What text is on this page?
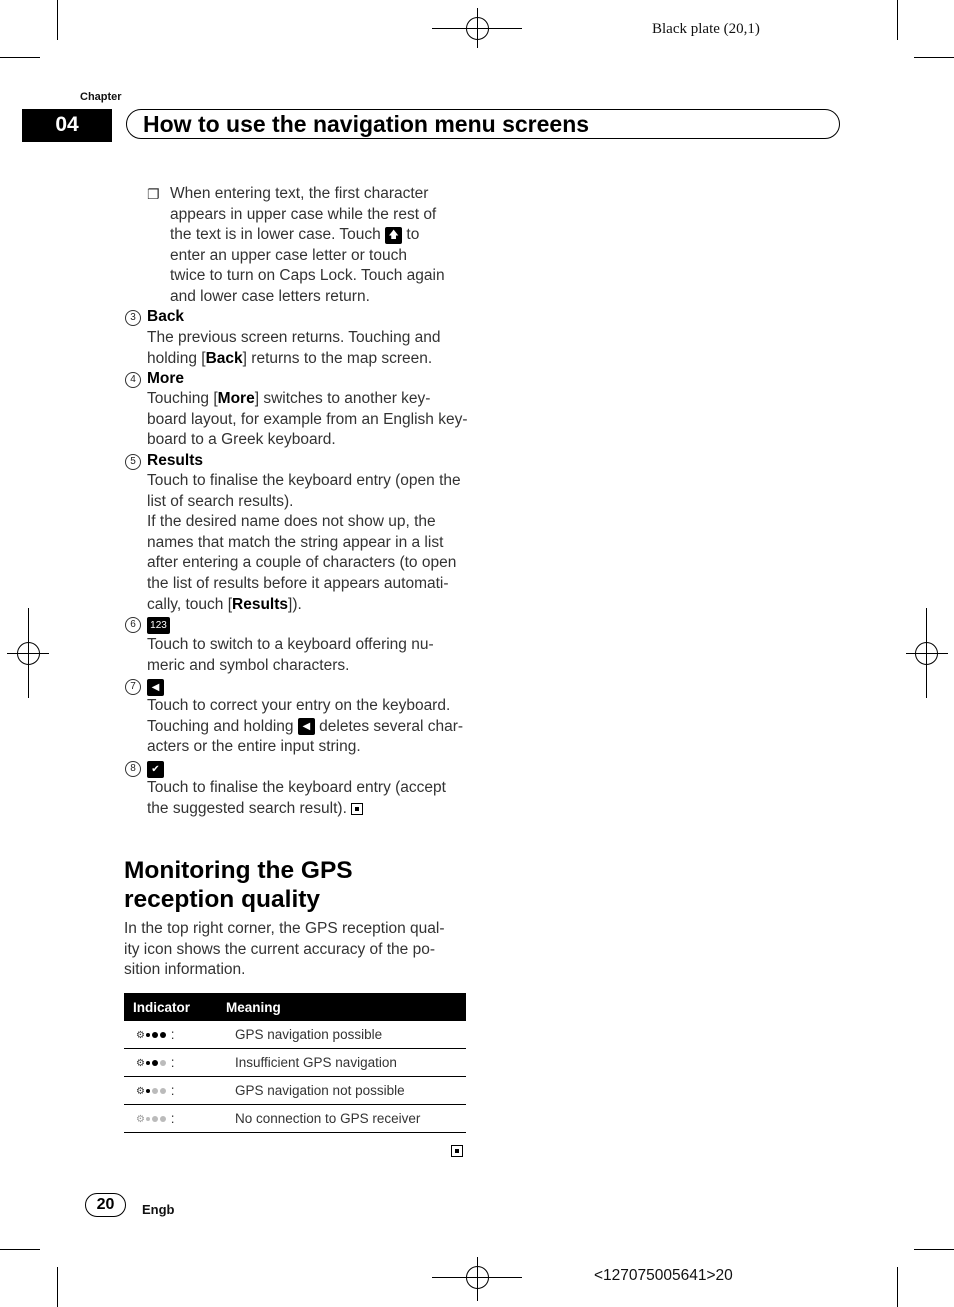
Black plate (20,1)
Chapter
04	How to use the navigation menu screens
❐ When entering text, the first character
appears in upper case while the rest of
the text is in lower case. Touch 🡅 to
enter an upper case letter or touch
twice to turn on Caps Lock. Touch again
and lower case letters return.
3 Back
The previous screen returns. Touching and
holding [Back] returns to the map screen.
4 More
Touching [More] switches to another key-
board layout, for example from an English key-
board to a Greek keyboard.
5 Results
Touch to finalise the keyboard entry (open the
list of search results).
If the desired name does not show up, the
names that match the string appear in a list
after entering a couple of characters (to open
the list of results before it appears automati-
cally, touch [Results]).
6	123
Touch to switch to a keyboard offering nu-
meric and symbol characters.
7	◀
Touch to correct your entry on the keyboard.
Touching and holding ◀ deletes several char-
acters or the entire input string.
8	✔
Touch to finalise the keyboard entry (accept
the suggested search result).
Monitoring the GPS
reception quality
In the top right corner, the GPS reception qual-
ity icon shows the current accuracy of the po-
sition information.
Indicator	Meaning
⚙ :	GPS navigation possible
⚙ :	Insufficient GPS navigation
⚙ :	GPS navigation not possible
⚙ :	No connection to GPS receiver
20	Engb
<127075005641>20
